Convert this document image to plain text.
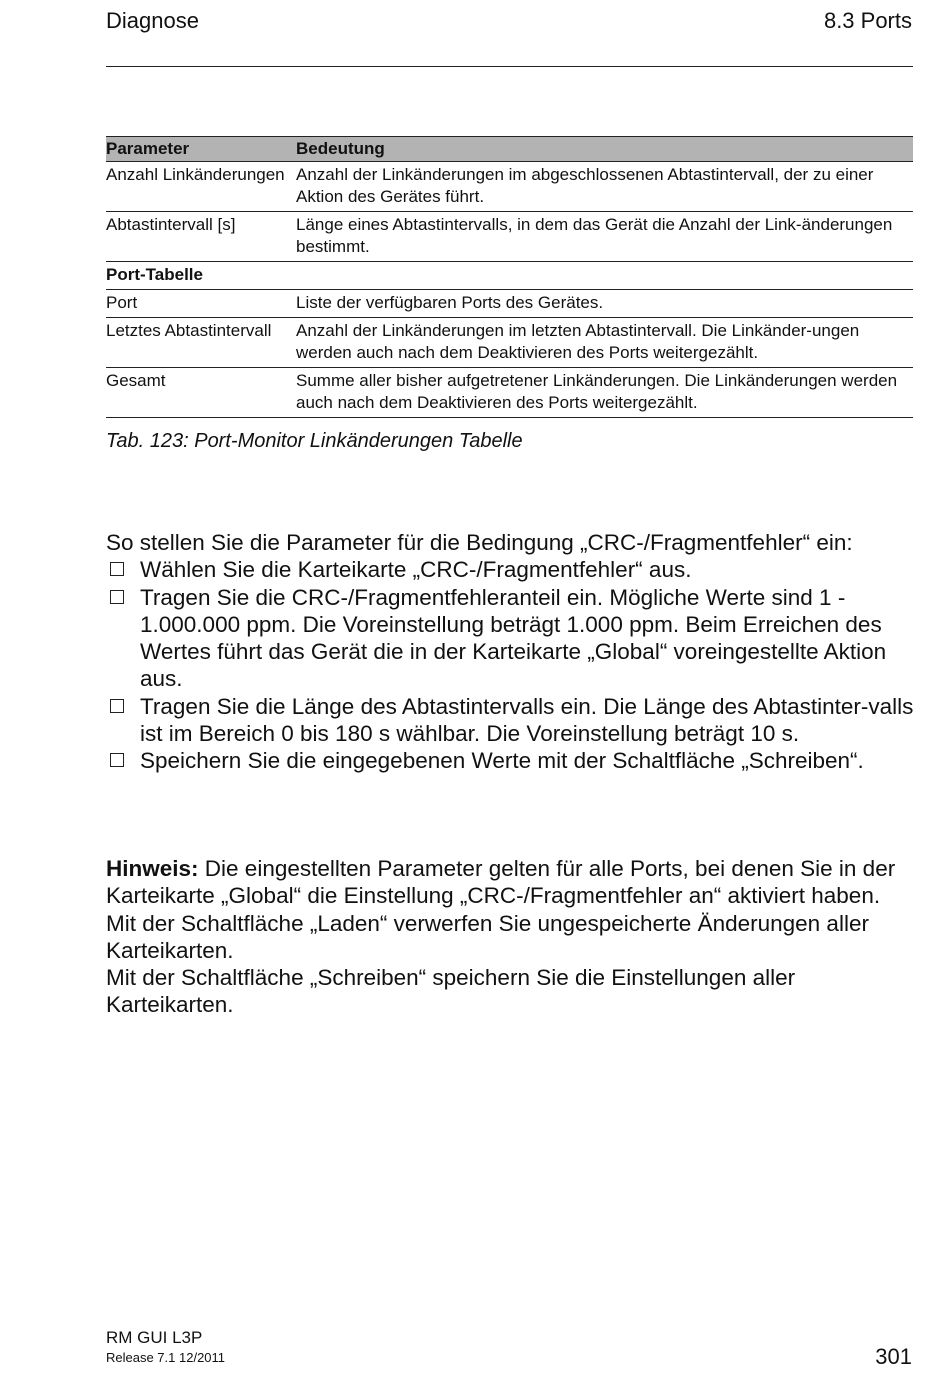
Diagnose	8.3 Ports
Parameter	Bedeutung
Anzahl Linkänderungen	Anzahl der Linkänderungen im abgeschlossenen Abtastintervall, der zu einer Aktion des Gerätes führt.
Abtastintervall [s]	Länge eines Abtastintervalls, in dem das Gerät die Anzahl der Link-änderungen bestimmt.
Port-Tabelle	
Port	Liste der verfügbaren Ports des Gerätes.
Letztes Abtastintervall	Anzahl der Linkänderungen im letzten Abtastintervall. Die Linkänder-ungen werden auch nach dem Deaktivieren des Ports weitergezählt.
Gesamt	Summe aller bisher aufgetretener Linkänderungen. Die Linkänderungen werden auch nach dem Deaktivieren des Ports weitergezählt.
Tab. 123: Port-Monitor Linkänderungen Tabelle

So stellen Sie die Parameter für die Bedingung „CRC-/Fragmentfehler“ ein:

Wählen Sie die Karteikarte „CRC-/Fragmentfehler“ aus.
Tragen Sie die CRC-/Fragmentfehleranteil ein. Mögliche Werte sind 1 - 1.000.000 ppm. Die Voreinstellung beträgt 1.000 ppm. Beim Erreichen des Wertes führt das Gerät die in der Karteikarte „Global“ voreingestellte Aktion aus.
Tragen Sie die Länge des Abtastintervalls ein. Die Länge des Abtastinter-valls ist im Bereich 0 bis 180 s wählbar. Die Voreinstellung beträgt 10 s.
Speichern Sie die eingegebenen Werte mit der Schaltfläche „Schreiben“.

Hinweis: Die eingestellten Parameter gelten für alle Ports, bei denen Sie in der Karteikarte „Global“ die Einstellung „CRC-/Fragmentfehler an“ aktiviert haben.

Mit der Schaltfläche „Laden“ verwerfen Sie ungespeicherte Änderungen aller Karteikarten.

Mit der Schaltfläche „Schreiben“ speichern Sie die Einstellungen aller Karteikarten.

RM GUI L3P
Release 7.1 12/2011	301
